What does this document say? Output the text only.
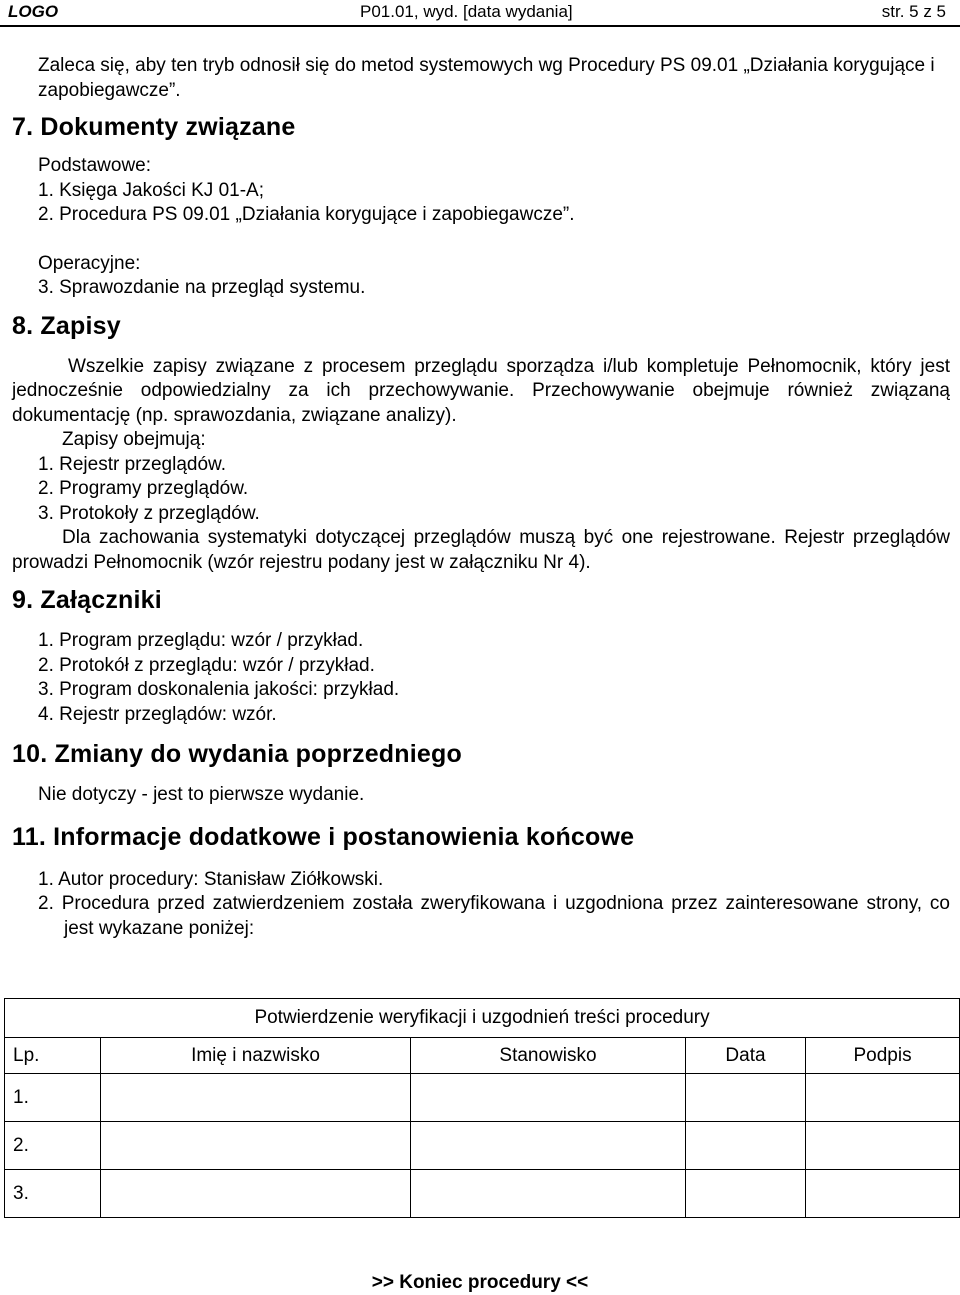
LOGO	P01.01, wyd. [data wydania]	str. 5 z 5

Zaleca się, aby ten tryb odnosił się do metod systemowych wg Procedury PS 09.01 „Działania korygujące i zapobiegawcze”.

7. Dokumenty związane

Podstawowe:

1. Księga Jakości KJ 01-A;

2. Procedura PS 09.01 „Działania korygujące i zapobiegawcze”.

Operacyjne:

3. Sprawozdanie na przegląd systemu.

8. Zapisy

Wszelkie zapisy związane z procesem przeglądu sporządza i/lub kompletuje Pełnomocnik, który jest jednocześnie odpowiedzialny za ich przechowywanie. Przechowywanie obejmuje również związaną dokumentację (np. sprawozdania, związane analizy).

Zapisy obejmują:

1. Rejestr przeglądów.

2. Programy przeglądów.

3. Protokoły z przeglądów.

Dla zachowania systematyki dotyczącej przeglądów muszą być one rejestrowane. Rejestr przeglądów prowadzi Pełnomocnik (wzór rejestru podany jest w załączniku Nr 4).

9. Załączniki

1. Program przeglądu: wzór / przykład.

2. Protokół z przeglądu: wzór / przykład.

3. Program doskonalenia jakości: przykład.

4. Rejestr przeglądów: wzór.

10. Zmiany do wydania poprzedniego

Nie dotyczy - jest to pierwsze wydanie.

11. Informacje dodatkowe i postanowienia końcowe

1. Autor procedury: Stanisław Ziółkowski.

2. Procedura przed zatwierdzeniem została zweryfikowana i uzgodniona przez zainteresowane strony, co jest wykazane poniżej:

Potwierdzenie weryfikacji i uzgodnień treści procedury				
Lp.	Imię i nazwisko	Stanowisko	Data	Podpis
1.				
2.				
3.				
>> Koniec procedury <<
